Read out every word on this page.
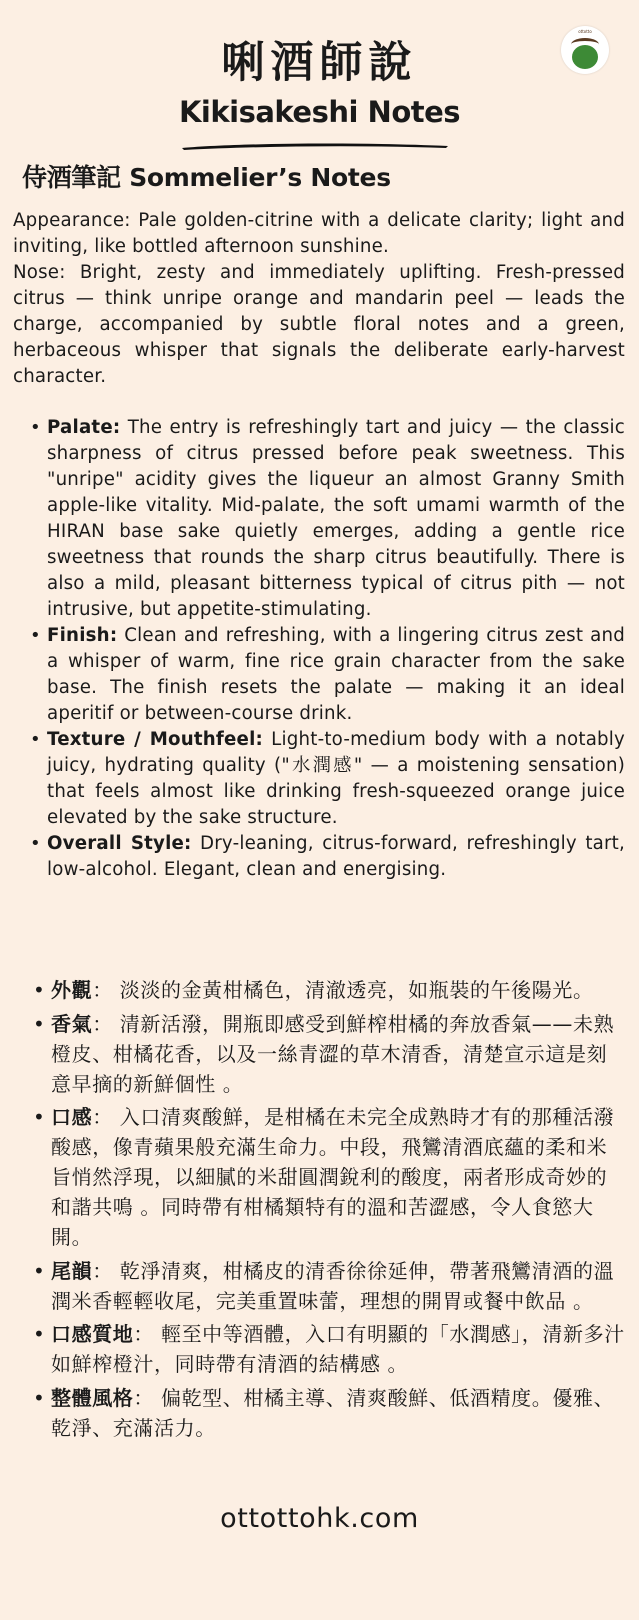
ottotto
唎酒師說
Kikisakeshi Notes
侍酒筆記 Sommelier’s Notes

Appearance: Pale golden-citrine with a delicate clarity; light and inviting, like bottled afternoon sunshine.

Nose: Bright, zesty and immediately uplifting. Fresh-pressed citrus — think unripe orange and mandarin peel — leads the charge, accompanied by subtle floral notes and a green, herbaceous whisper that signals the deliberate early-harvest character.

• Palate: The entry is refreshingly tart and juicy — the classic sharpness of citrus pressed before peak sweetness. This "unripe" acidity gives the liqueur an almost Granny Smith apple-like vitality. Mid-palate, the soft umami warmth of the HIRAN base sake quietly emerges, adding a gentle rice sweetness that rounds the sharp citrus beautifully. There is also a mild, pleasant bitterness typical of citrus pith — not intrusive, but appetite-stimulating.
• Finish: Clean and refreshing, with a lingering citrus zest and a whisper of warm, fine rice grain character from the sake base. The finish resets the palate — making it an ideal aperitif or between-course drink.
• Texture / Mouthfeel: Light-to-medium body with a notably juicy, hydrating quality ("水潤感" — a moistening sensation) that feels almost like drinking fresh-squeezed orange juice elevated by the sake structure.
• Overall Style: Dry-leaning, citrus-forward, refreshingly tart, low-alcohol. Elegant, clean and energising.
• 外觀： 淡淡的金黃柑橘色，清澈透亮，如瓶裝的午後陽光。
• 香氣： 清新活潑，開瓶即感受到鮮榨柑橘的奔放香氣——未熟橙皮、柑橘花香，以及一絲青澀的草木清香，清楚宣示這是刻意早摘的新鮮個性 。
• 口感： 入口清爽酸鮮，是柑橘在未完全成熟時才有的那種活潑酸感，像青蘋果般充滿生命力。中段，飛鸞清酒底蘊的柔和米旨悄然浮現，以細膩的米甜圓潤銳利的酸度，兩者形成奇妙的和諧共鳴 。同時帶有柑橘類特有的溫和苦澀感，令人食慾大開。
• 尾韻： 乾淨清爽，柑橘皮的清香徐徐延伸，帶著飛鸞清酒的溫潤米香輕輕收尾，完美重置味蕾，理想的開胃或餐中飲品 。
• 口感質地： 輕至中等酒體，入口有明顯的「水潤感」，清新多汁如鮮榨橙汁，同時帶有清酒的結構感 。
• 整體風格： 偏乾型、柑橘主導、清爽酸鮮、低酒精度。優雅、乾淨、充滿活力。
ottottohk.com
